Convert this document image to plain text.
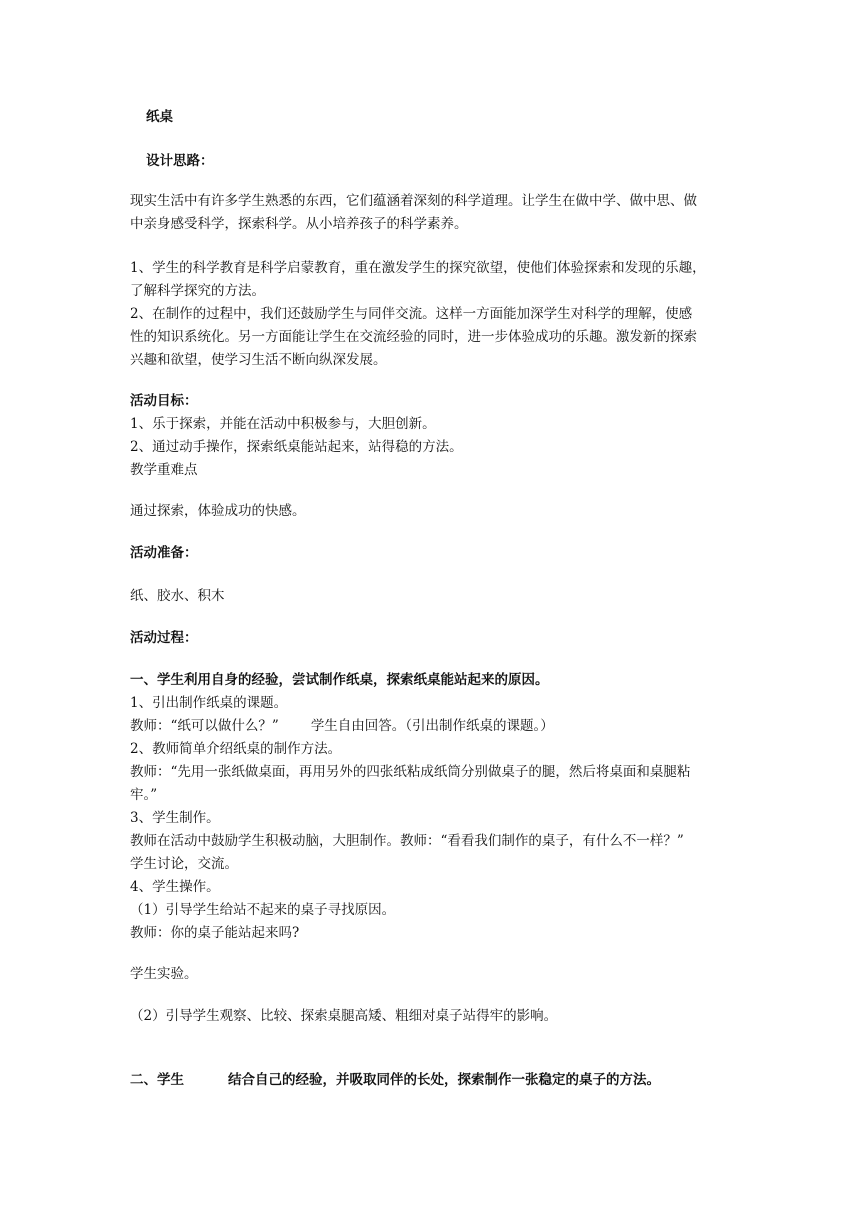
纸桌
设计思路：
现实生活中有许多学生熟悉的东西，它们蕴涵着深刻的科学道理。让学生在做中学、做中思、做
中亲身感受科学，探索科学。从小培养孩子的科学素养。
1、学生的科学教育是科学启蒙教育，重在激发学生的探究欲望，使他们体验探索和发现的乐趣，
了解科学探究的方法。
2、在制作的过程中，我们还鼓励学生与同伴交流。这样一方面能加深学生对科学的理解，使感
性的知识系统化。另一方面能让学生在交流经验的同时，进一步体验成功的乐趣。激发新的探索
兴趣和欲望，使学习生活不断向纵深发展。
活动目标：
1、乐于探索，并能在活动中积极参与，大胆创新。
2、通过动手操作，探索纸桌能站起来，站得稳的方法。
教学重难点
通过探索，体验成功的快感。
活动准备：
纸、胶水、积木
活动过程：
一、学生利用自身的经验，尝试制作纸桌，探索纸桌能站起来的原因。
1、引出制作纸桌的课题。
教师：“纸可以做什么？” 学生自由回答。（引出制作纸桌的课题。）
2、教师简单介绍纸桌的制作方法。
教师：“先用一张纸做桌面，再用另外的四张纸粘成纸筒分别做桌子的腿，然后将桌面和桌腿粘
牢。”
3、学生制作。
教师在活动中鼓励学生积极动脑，大胆制作。教师：“看看我们制作的桌子，有什么不一样？”
学生讨论，交流。
4、学生操作。
（1）引导学生给站不起来的桌子寻找原因。
教师：你的桌子能站起来吗?
学生实验。
（2）引导学生观察、比较、探索桌腿高矮、粗细对桌子站得牢的影响。
二、学生	结合自己的经验，并吸取同伴的长处，探索制作一张稳定的桌子的方法。
